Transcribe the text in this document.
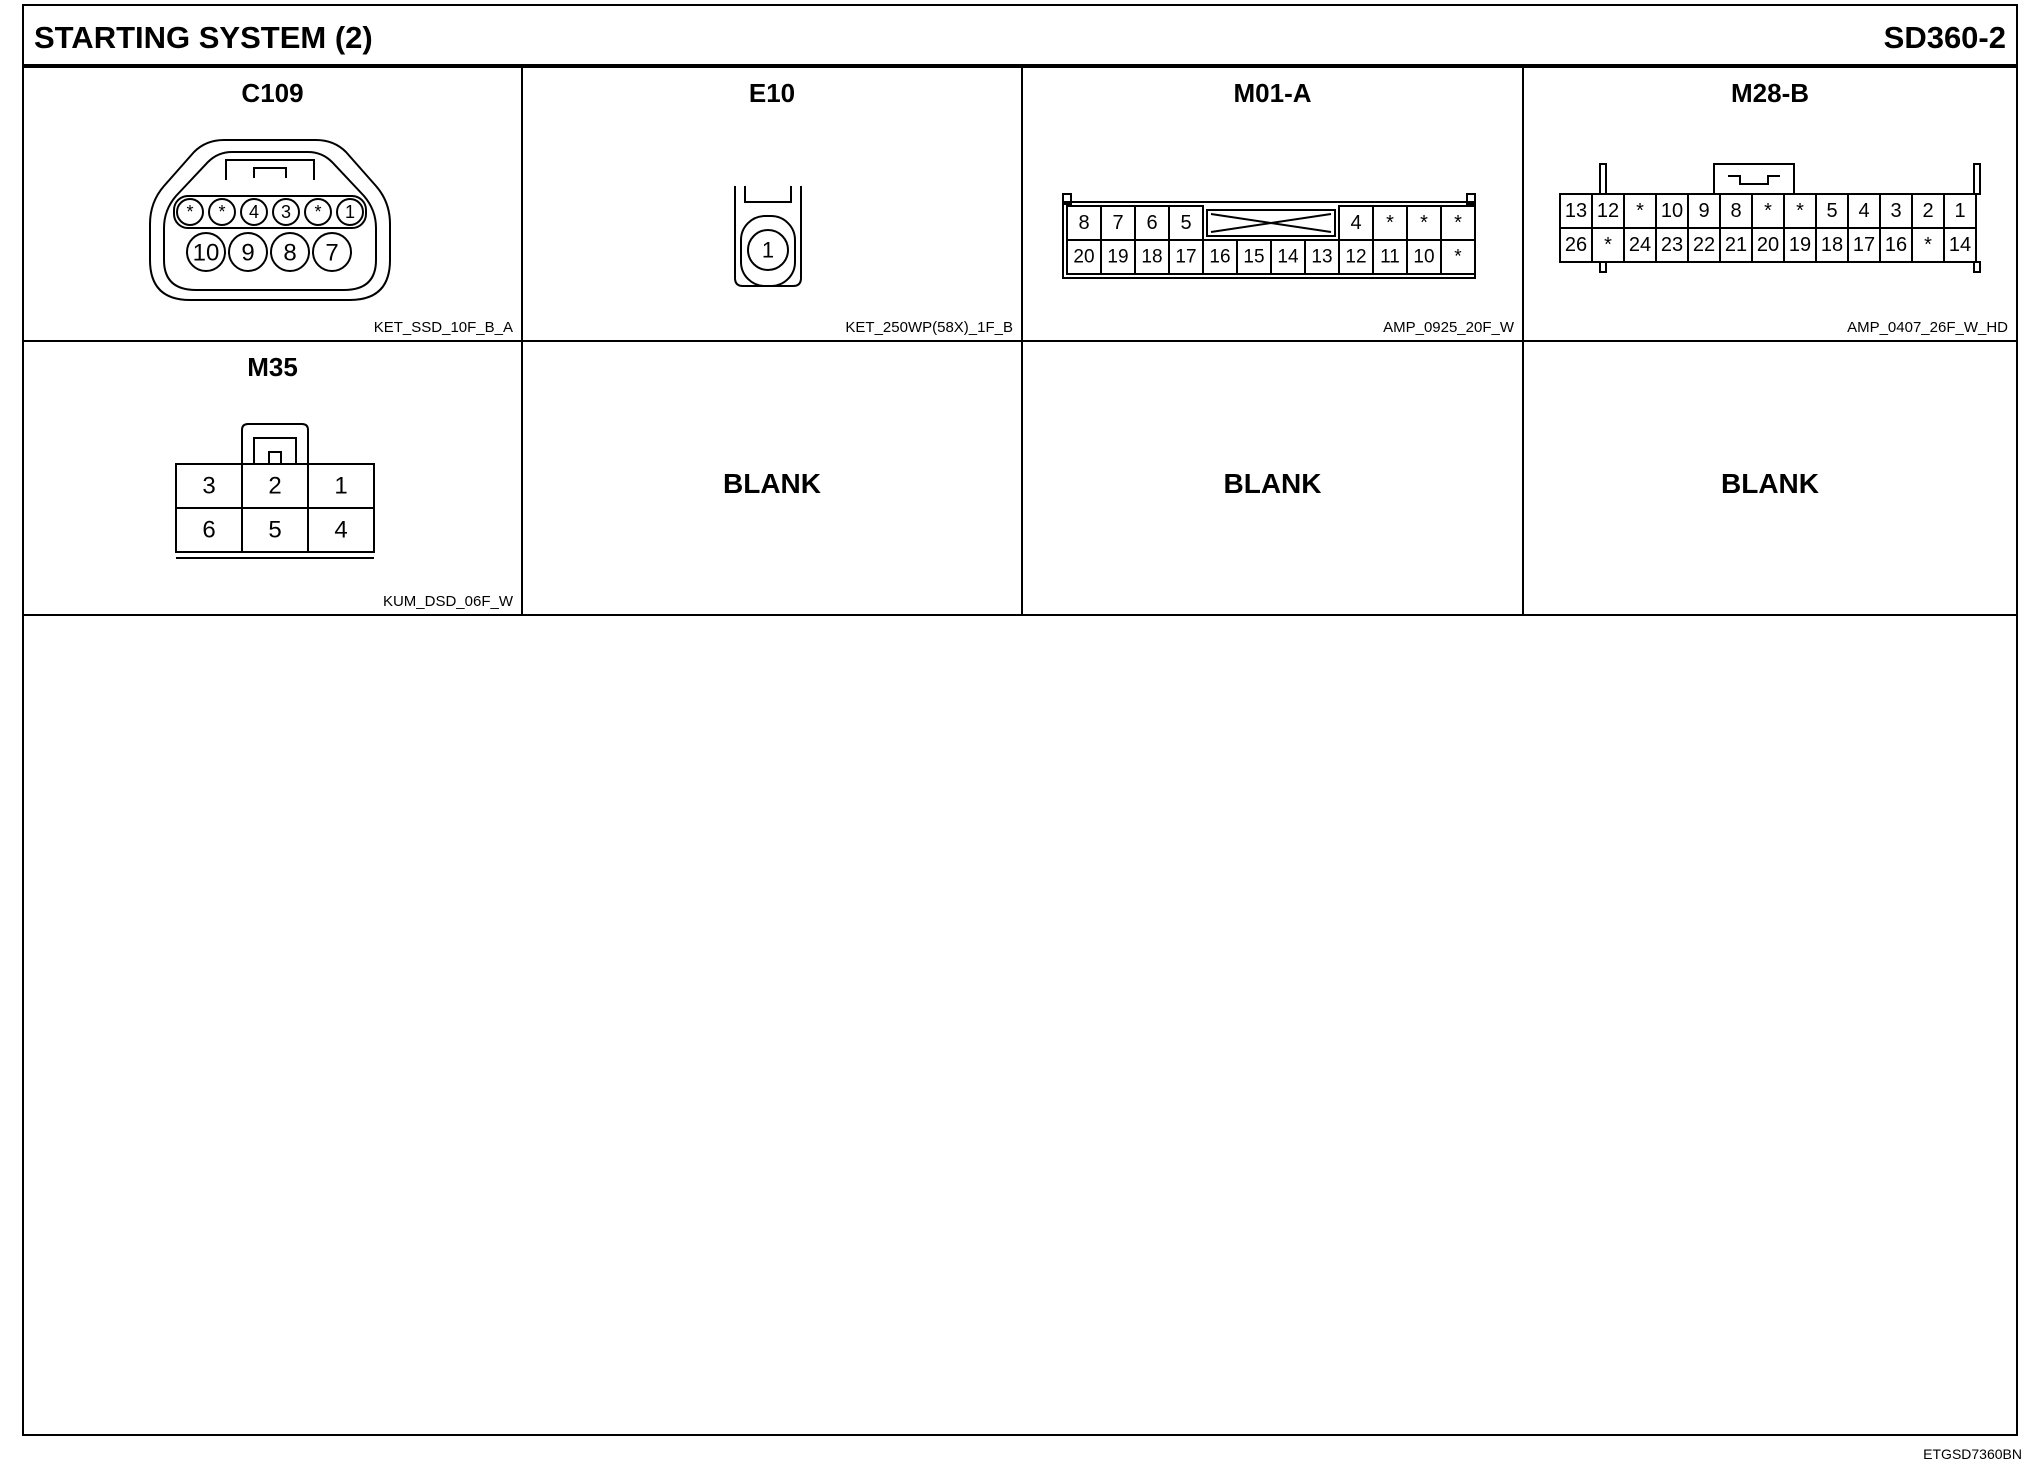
STARTING SYSTEM (2)	SD360-2
C109
* * 4 3 * 1
10 9 8 7
KET_SSD_10F_B_A
E10
1
KET_250WP(58X)_1F_B
M01-A
8 7 6 5	4 * * *
20 19 18 17 16 15 14 13 12 11 10 *
AMP_0925_20F_W
M28-B
13 12 * 10 9 8 * * 5 4 3 2 1
26 * 24 23 22 21 20 19 18 17 16 * 14
AMP_0407_26F_W_HD
M35
3 2 1
6 5 4
KUM_DSD_06F_W
BLANK	BLANK	BLANK
ETGSD7360BN
